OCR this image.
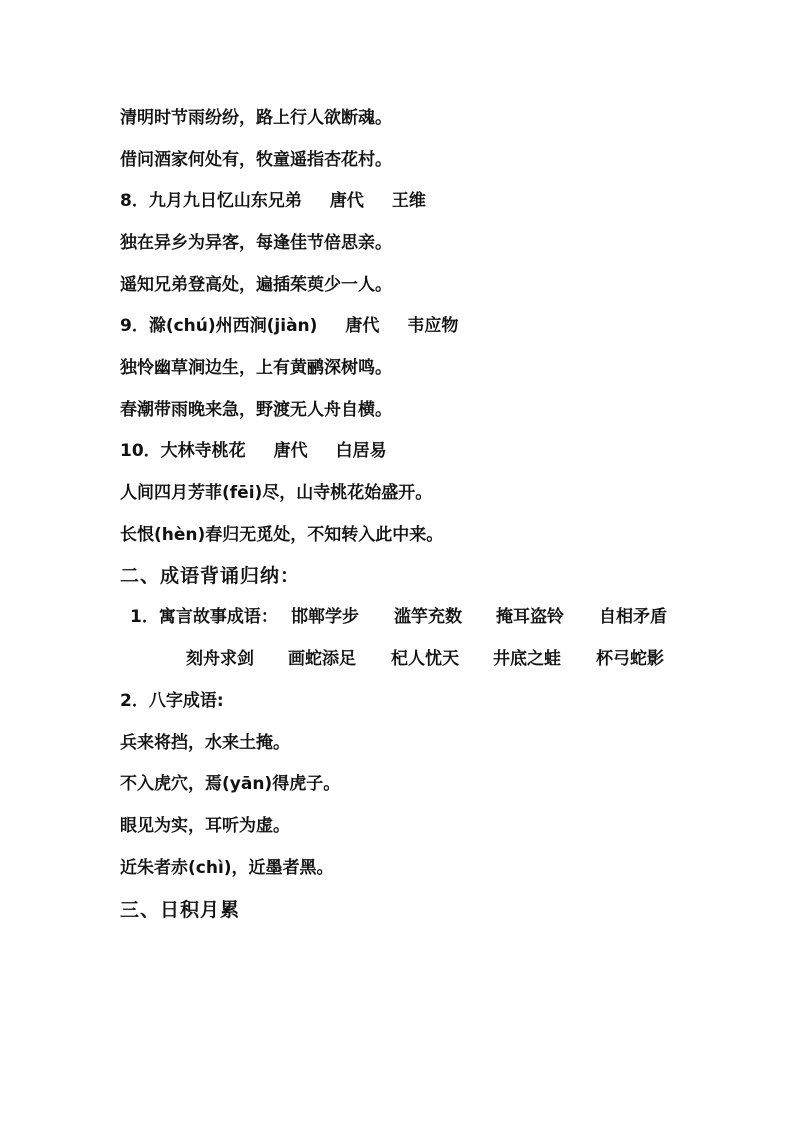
清明时节雨纷纷，路上行人欲断魂。
借问酒家何处有，牧童遥指杏花村。
8．九月九日忆山东兄弟 唐代 王维
独在异乡为异客，每逢佳节倍思亲。
遥知兄弟登高处，遍插茱萸少一人。
9．滁(chú)州西涧(jiàn) 唐代 韦应物
独怜幽草涧边生，上有黄鹂深树鸣。
春潮带雨晚来急，野渡无人舟自横。
10．大林寺桃花 唐代 白居易
人间四月芳菲(fēi)尽，山寺桃花始盛开。
长恨(hèn)春归无觅处，不知转入此中来。
二、成语背诵归纳：
1．寓言故事成语： 邯郸学步 滥竽充数 掩耳盗铃 自相矛盾
刻舟求剑 画蛇添足 杞人忧天 井底之蛙 杯弓蛇影
2．八字成语:
兵来将挡，水来土掩。
不入虎穴，焉(yān)得虎子。
眼见为实，耳听为虚。
近朱者赤(chì)，近墨者黑。
三、日积月累
